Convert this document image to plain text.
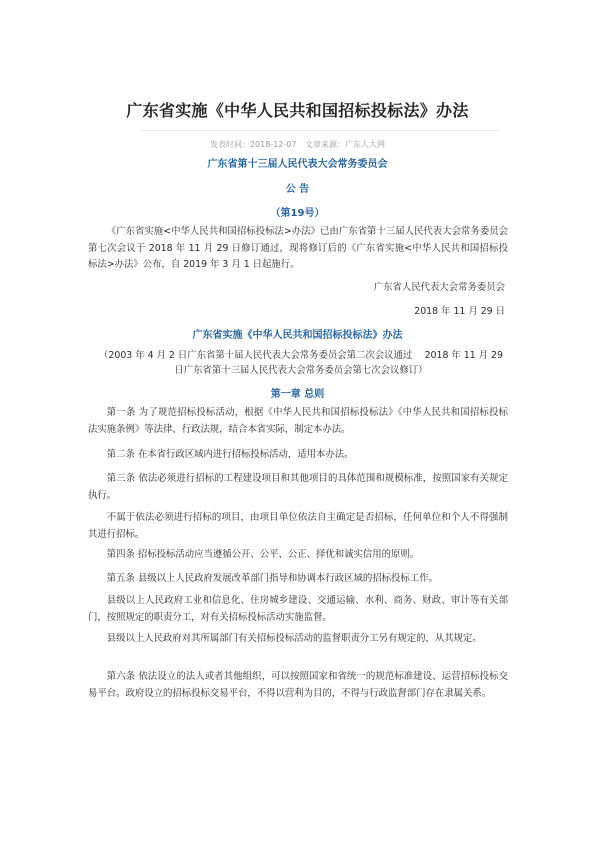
广东省实施《中华人民共和国招标投标法》办法
发表时间：2018-12-07 文章来源：广东人大网
广东省第十三届人民代表大会常务委员会
公 告
（第19号）
《广东省实施<中华人民共和国招标投标法>办法》已由广东省第十三届人民代表大会常务委员会第七次会议于 2018 年 11 月 29 日修订通过，现将修订后的《广东省实施<中华人民共和国招标投标法>办法》公布，自 2019 年 3 月 1 日起施行。
广东省人民代表大会常务委员会
2018 年 11 月 29 日
广东省实施《中华人民共和国招标投标法》办法
（2003 年 4 月 2 日广东省第十届人民代表大会常务委员会第二次会议通过　 2018 年 11 月 29 日广东省第十三届人民代表大会常务委员会第七次会议修订）
第一章 总则
第一条 为了规范招标投标活动，根据《中华人民共和国招标投标法》《中华人民共和国招标投标法实施条例》等法律、行政法规，结合本省实际，制定本办法。
第二条 在本省行政区域内进行招标投标活动，适用本办法。
第三条 依法必须进行招标的工程建设项目和其他项目的具体范围和规模标准，按照国家有关规定执行。
不属于依法必须进行招标的项目，由项目单位依法自主确定是否招标，任何单位和个人不得强制其进行招标。
第四条 招标投标活动应当遵循公开、公平、公正、择优和诚实信用的原则。
第五条 县级以上人民政府发展改革部门指导和协调本行政区域的招标投标工作。
县级以上人民政府工业和信息化、住房城乡建设、交通运输、水利、商务、财政、审计等有关部门，按照规定的职责分工，对有关招标投标活动实施监督。
县级以上人民政府对其所属部门有关招标投标活动的监督职责分工另有规定的，从其规定。
第六条 依法设立的法人或者其他组织，可以按照国家和省统一的规范标准建设、运营招标投标交易平台。政府设立的招标投标交易平台，不得以营利为目的，不得与行政监督部门存在隶属关系。
